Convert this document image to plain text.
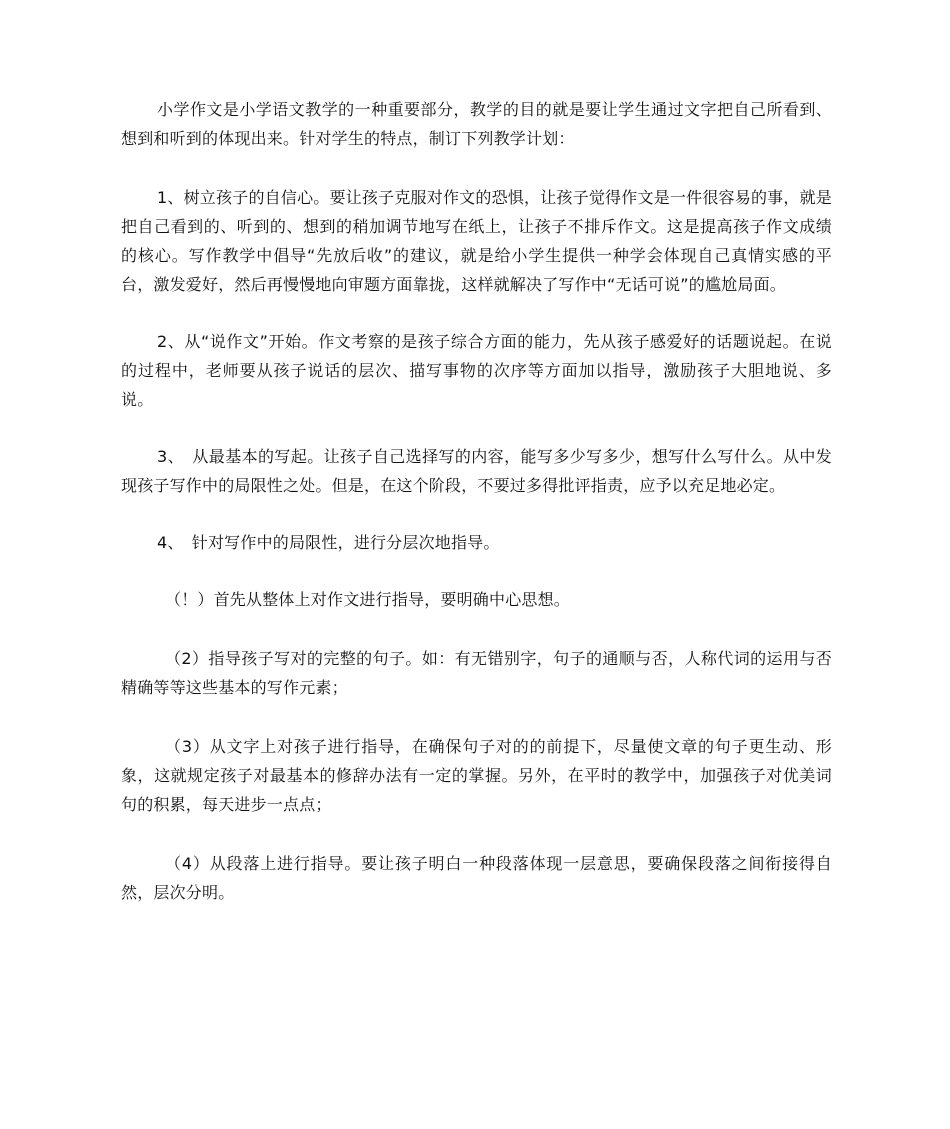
小学作文是小学语文教学的一种重要部分，教学的目的就是要让学生通过文字把自己所看到、想到和听到的体现出来。针对学生的特点，制订下列教学计划：

1、树立孩子的自信心。要让孩子克服对作文的恐惧，让孩子觉得作文是一件很容易的事，就是把自己看到的、听到的、想到的稍加调节地写在纸上，让孩子不排斥作文。这是提高孩子作文成绩的核心。写作教学中倡导“先放后收”的建议，就是给小学生提供一种学会体现自己真情实感的平台，激发爱好，然后再慢慢地向审题方面靠拢，这样就解决了写作中“无话可说”的尴尬局面。

2、从“说作文”开始。作文考察的是孩子综合方面的能力，先从孩子感爱好的话题说起。在说的过程中，老师要从孩子说话的层次、描写事物的次序等方面加以指导，激励孩子大胆地说、多说。

3、　从最基本的写起。让孩子自己选择写的内容，能写多少写多少，想写什么写什么。从中发现孩子写作中的局限性之处。但是，在这个阶段，不要过多得批评指责，应予以充足地必定。

4、　针对写作中的局限性，进行分层次地指导。

（！）首先从整体上对作文进行指导，要明确中心思想。

（2）指导孩子写对的完整的句子。如：有无错别字，句子的通顺与否，人称代词的运用与否精确等等这些基本的写作元素；

（3）从文字上对孩子进行指导，在确保句子对的的前提下，尽量使文章的句子更生动、形象，这就规定孩子对最基本的修辞办法有一定的掌握。另外，在平时的教学中，加强孩子对优美词句的积累，每天进步一点点；

（4）从段落上进行指导。要让孩子明白一种段落体现一层意思，要确保段落之间衔接得自然，层次分明。
